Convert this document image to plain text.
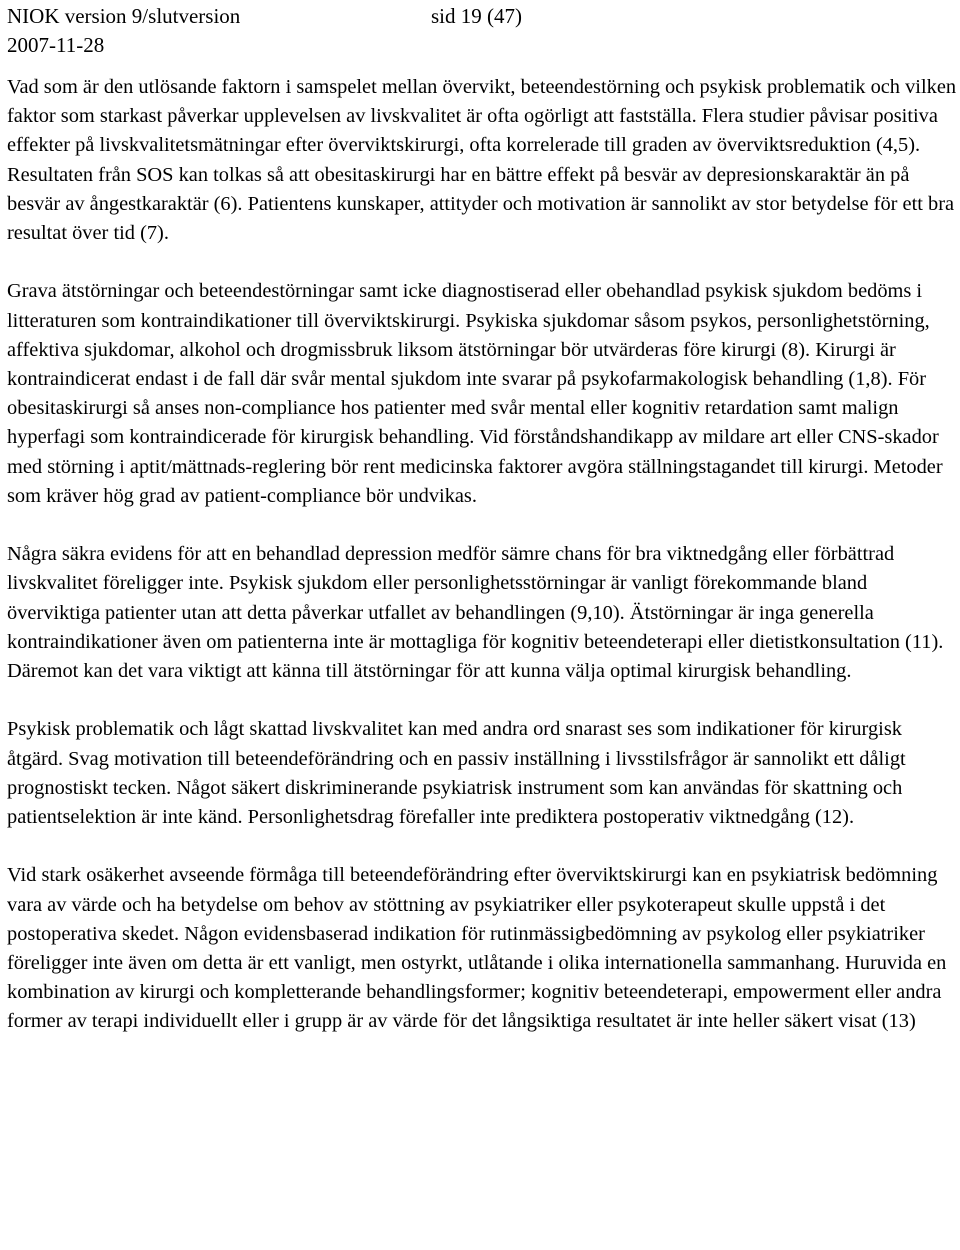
NIOK version 9/slutversion	sid 19 (47)
2007-11-28

Vad som är den utlösande faktorn i samspelet mellan övervikt, beteendestörning och psykisk problematik och vilken faktor som starkast påverkar upplevelsen av livskvalitet är ofta ogörligt att fastställa. Flera studier påvisar positiva effekter på livskvalitetsmätningar efter överviktskirurgi, ofta korrelerade till graden av överviktsreduktion (4,5). Resultaten från SOS kan tolkas så att obesitaskirurgi har en bättre effekt på besvär av depresionskaraktär än på besvär av ångestkaraktär (6). Patientens kunskaper, attityder och motivation är sannolikt av stor betydelse för ett bra resultat över tid (7).

Grava ätstörningar och beteendestörningar samt icke diagnostiserad eller obehandlad psykisk sjukdom bedöms i litteraturen som kontraindikationer till överviktskirurgi. Psykiska sjukdomar såsom psykos, personlighetstörning, affektiva sjukdomar, alkohol och drogmissbruk liksom ätstörningar bör utvärderas före kirurgi (8). Kirurgi är kontraindicerat endast i de fall där svår mental sjukdom inte svarar på psykofarmakologisk behandling (1,8). För obesitaskirurgi så anses non-compliance hos patienter med svår mental eller kognitiv retardation samt malign hyperfagi som kontraindicerade för kirurgisk behandling. Vid förståndshandikapp av mildare art eller CNS-skador med störning i aptit/mättnads-reglering bör rent medicinska faktorer avgöra ställningstagandet till kirurgi. Metoder som kräver hög grad av patient-compliance bör undvikas.

Några säkra evidens för att en behandlad depression medför sämre chans för bra viktnedgång eller förbättrad livskvalitet föreligger inte. Psykisk sjukdom eller personlighetsstörningar är vanligt förekommande bland överviktiga patienter utan att detta påverkar utfallet av behandlingen (9,10). Ätstörningar är inga generella kontraindikationer även om patienterna inte är mottagliga för kognitiv beteendeterapi eller dietistkonsultation (11). Däremot kan det vara viktigt att känna till ätstörningar för att kunna välja optimal kirurgisk behandling.

Psykisk problematik och lågt skattad livskvalitet kan med andra ord snarast ses som indikationer för kirurgisk åtgärd. Svag motivation till beteendeförändring och en passiv inställning i livsstilsfrågor är sannolikt ett dåligt prognostiskt tecken. Något säkert diskriminerande psykiatrisk instrument som kan användas för skattning och patientselektion är inte känd. Personlighetsdrag förefaller inte prediktera postoperativ viktnedgång (12).

Vid stark osäkerhet avseende förmåga till beteendeförändring efter överviktskirurgi kan en psykiatrisk bedömning vara av värde och ha betydelse om behov av stöttning av psykiatriker eller psykoterapeut skulle uppstå i det postoperativa skedet. Någon evidensbaserad indikation för rutinmässigbedömning av psykolog eller psykiatriker föreligger inte även om detta är ett vanligt, men ostyrkt, utlåtande i olika internationella sammanhang. Huruvida en kombination av kirurgi och kompletterande behandlingsformer; kognitiv beteendeterapi, empowerment eller andra former av terapi individuellt eller i grupp är av värde för det långsiktiga resultatet är inte heller säkert visat (13)
